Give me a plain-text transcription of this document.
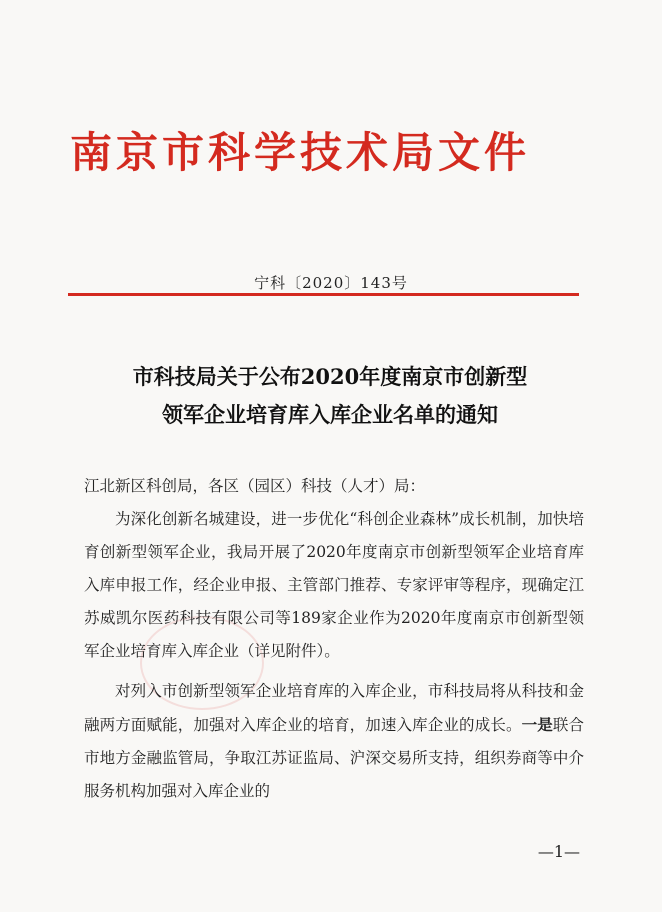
南京市科学技术局文件
宁科〔2020〕143号
市科技局关于公布2020年度南京市创新型
领军企业培育库入库企业名单的通知

江北新区科创局，各区（园区）科技（人才）局：

为深化创新名城建设，进一步优化“科创企业森林”成长机制，加快培育创新型领军企业，我局开展了2020年度南京市创新型领军企业培育库入库申报工作，经企业申报、主管部门推荐、专家评审等程序，现确定江苏威凯尔医药科技有限公司等189家企业作为2020年度南京市创新型领军企业培育库入库企业（详见附件）。

对列入市创新型领军企业培育库的入库企业，市科技局将从科技和金融两方面赋能，加强对入库企业的培育，加速入库企业的成长。一是联合市地方金融监管局，争取江苏证监局、沪深交易所支持，组织券商等中介服务机构加强对入库企业的

—1—
